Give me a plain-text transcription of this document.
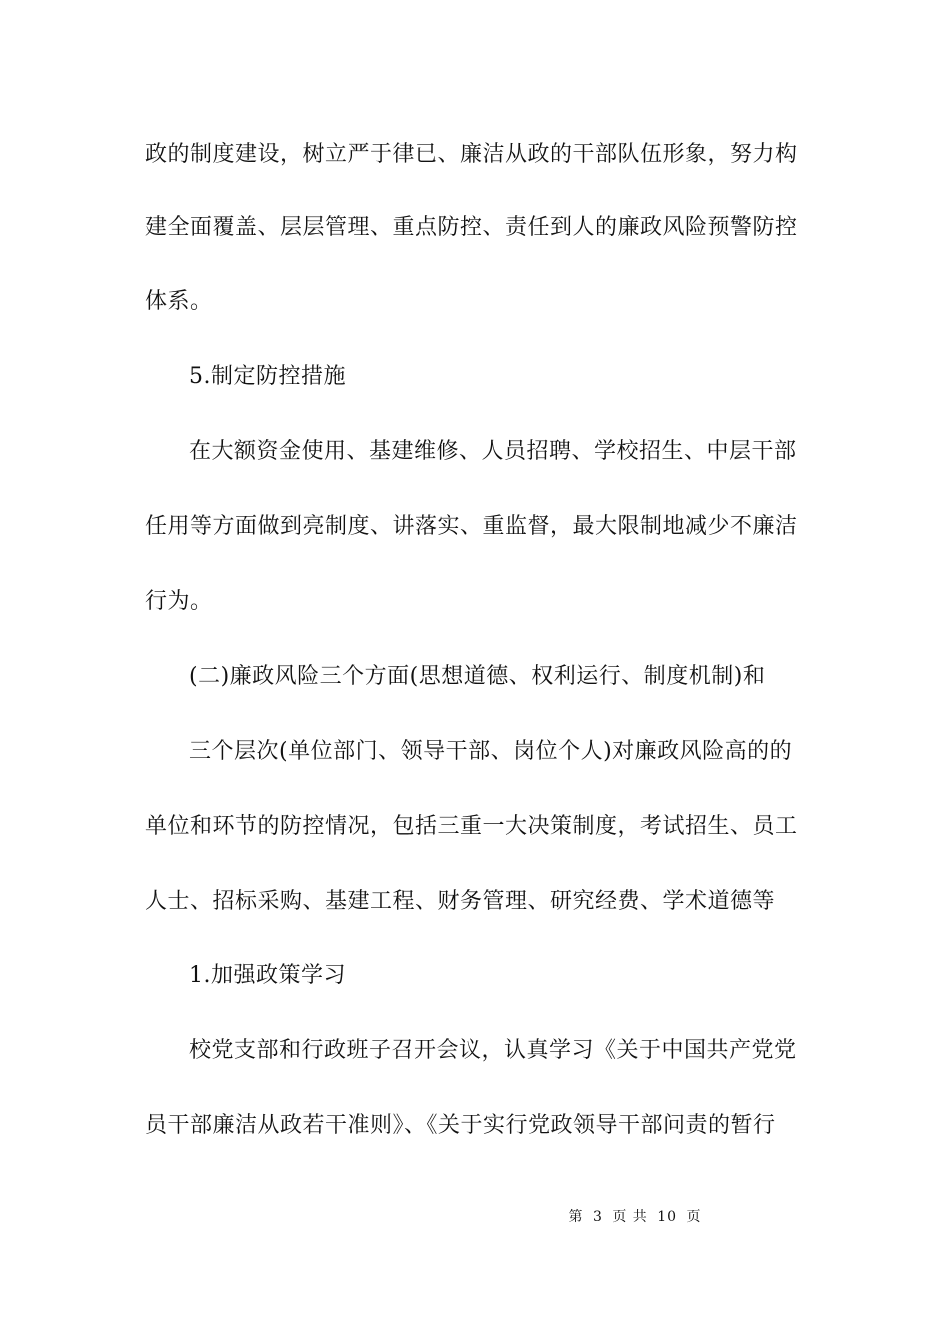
政的制度建设，树立严于律已、廉洁从政的干部队伍形象，努力构
建全面覆盖、层层管理、重点防控、责任到人的廉政风险预警防控
体系。
5.制定防控措施
在大额资金使用、基建维修、人员招聘、学校招生、中层干部
任用等方面做到亮制度、讲落实、重监督，最大限制地减少不廉洁
行为。
(二)廉政风险三个方面(思想道德、权利运行、制度机制)和
三个层次(单位部门、领导干部、岗位个人)对廉政风险高的的
单位和环节的防控情况，包括三重一大决策制度，考试招生、员工
人士、招标采购、基建工程、财务管理、研究经费、学术道德等
1.加强政策学习
校党支部和行政班子召开会议，认真学习《关于中国共产党党
员干部廉洁从政若干准则》、《关于实行党政领导干部问责的暂行
第 3 页 共 10 页
